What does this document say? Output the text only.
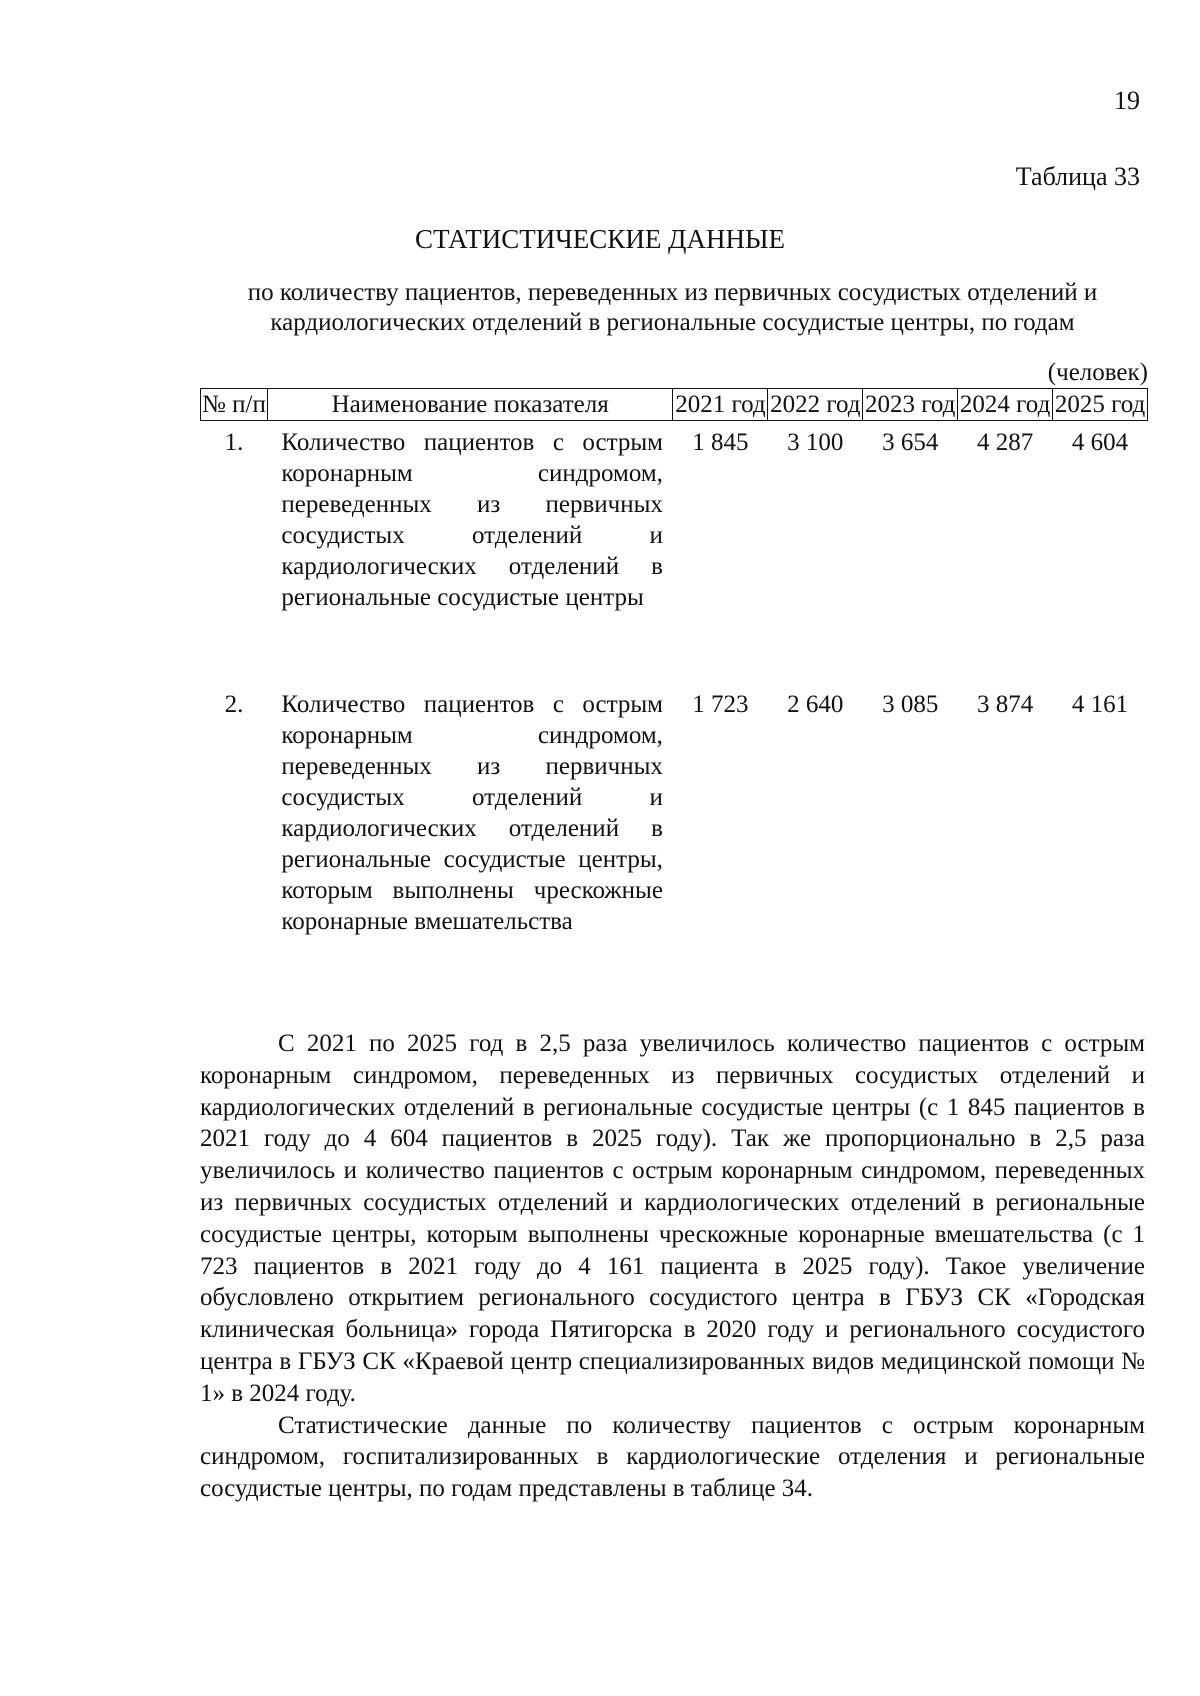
19
Таблица 33
СТАТИСТИЧЕСКИЕ ДАННЫЕ
по количеству пациентов, переведенных из первичных сосудистых отделений и кардиологических отделений в региональные сосудистые центры, по годам
(человек)
№ п/п	Наименование показателя	2021 год	2022 год	2023 год	2024 год	2025 год
1.	Количество пациентов с острым коронарным синдромом, переведенных из первичных сосудистых отделений и кардиологических отделений в региональные сосудистые центры	1 845	3 100	3 654	4 287	4 604
2.	Количество пациентов с острым коронарным синдромом, переведенных из первичных сосудистых отделений и кардиологических отделений в региональные сосудистые центры, которым выполнены чрескожные коронарные вмешательства	1 723	2 640	3 085	3 874	4 161

С 2021 по 2025 год в 2,5 раза увеличилось количество пациентов с острым коронарным синдромом, переведенных из первичных сосудистых отделений и кардиологических отделений в региональные сосудистые центры (с 1 845 пациентов в 2021 году до 4 604 пациентов в 2025 году). Так же пропорционально в 2,5 раза увеличилось и количество пациентов с острым коронарным синдромом, переведенных из первичных сосудистых отделений и кардиологических отделений в региональные сосудистые центры, которым выполнены чрескожные коронарные вмешательства (с 1 723 пациентов в 2021 году до 4 161 пациента в 2025 году). Такое увеличение обусловлено открытием регионального сосудистого центра в ГБУЗ СК «Городская клиническая больница» города Пятигорска в 2020 году и регионального сосудистого центра в ГБУЗ СК «Краевой центр специализированных видов медицинской помощи № 1» в 2024 году.

Статистические данные по количеству пациентов с острым коронарным синдромом, госпитализированных в кардиологические отделения и региональные сосудистые центры, по годам представлены в таблице 34.
